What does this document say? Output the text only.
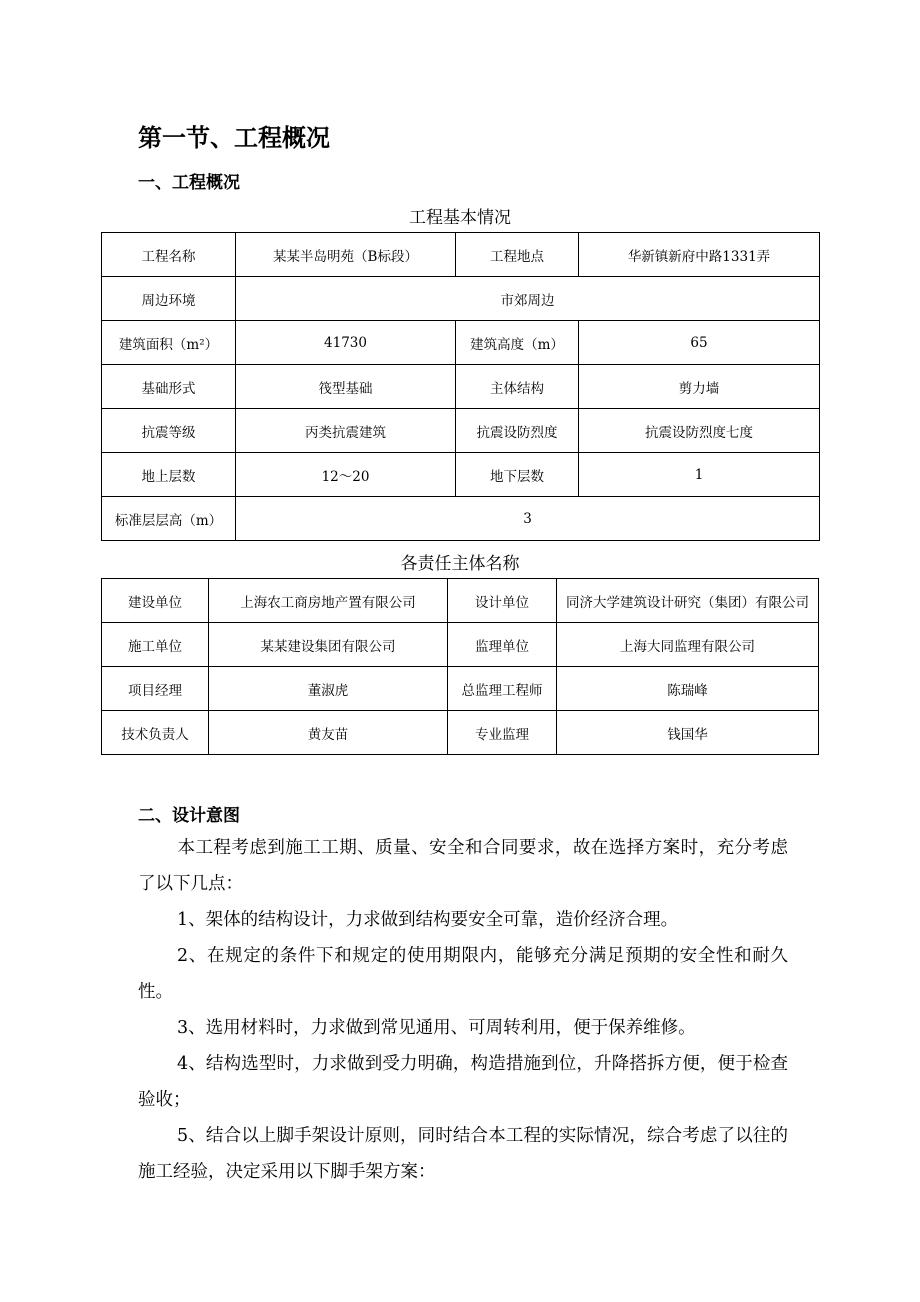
第一节、工程概况
一、工程概况
工程基本情况
工程名称	某某半岛明苑（B标段）	工程地点	华新镇新府中路1331弄
周边环境	市郊周边		
建筑面积（m²）	41730	建筑高度（m）	65
基础形式	筏型基础	主体结构	剪力墙
抗震等级	丙类抗震建筑	抗震设防烈度	抗震设防烈度七度
地上层数	12～20	地下层数	1
标准层层高（m）	3		
各责任主体名称
建设单位	上海农工商房地产置有限公司	设计单位	同济大学建筑设计研究（集团）有限公司
施工单位	某某建设集团有限公司	监理单位	上海大同监理有限公司
项目经理	董淑虎	总监理工程师	陈瑞峰
技术负责人	黄友苗	专业监理	钱国华
二、设计意图
本工程考虑到施工工期、质量、安全和合同要求，故在选择方案时，充分考虑了以下几点：
1、架体的结构设计，力求做到结构要安全可靠，造价经济合理。
2、在规定的条件下和规定的使用期限内，能够充分满足预期的安全性和耐久性。
3、选用材料时，力求做到常见通用、可周转利用，便于保养维修。
4、结构选型时，力求做到受力明确，构造措施到位，升降搭拆方便，便于检查验收；
5、结合以上脚手架设计原则，同时结合本工程的实际情况，综合考虑了以往的施工经验，决定采用以下脚手架方案：
